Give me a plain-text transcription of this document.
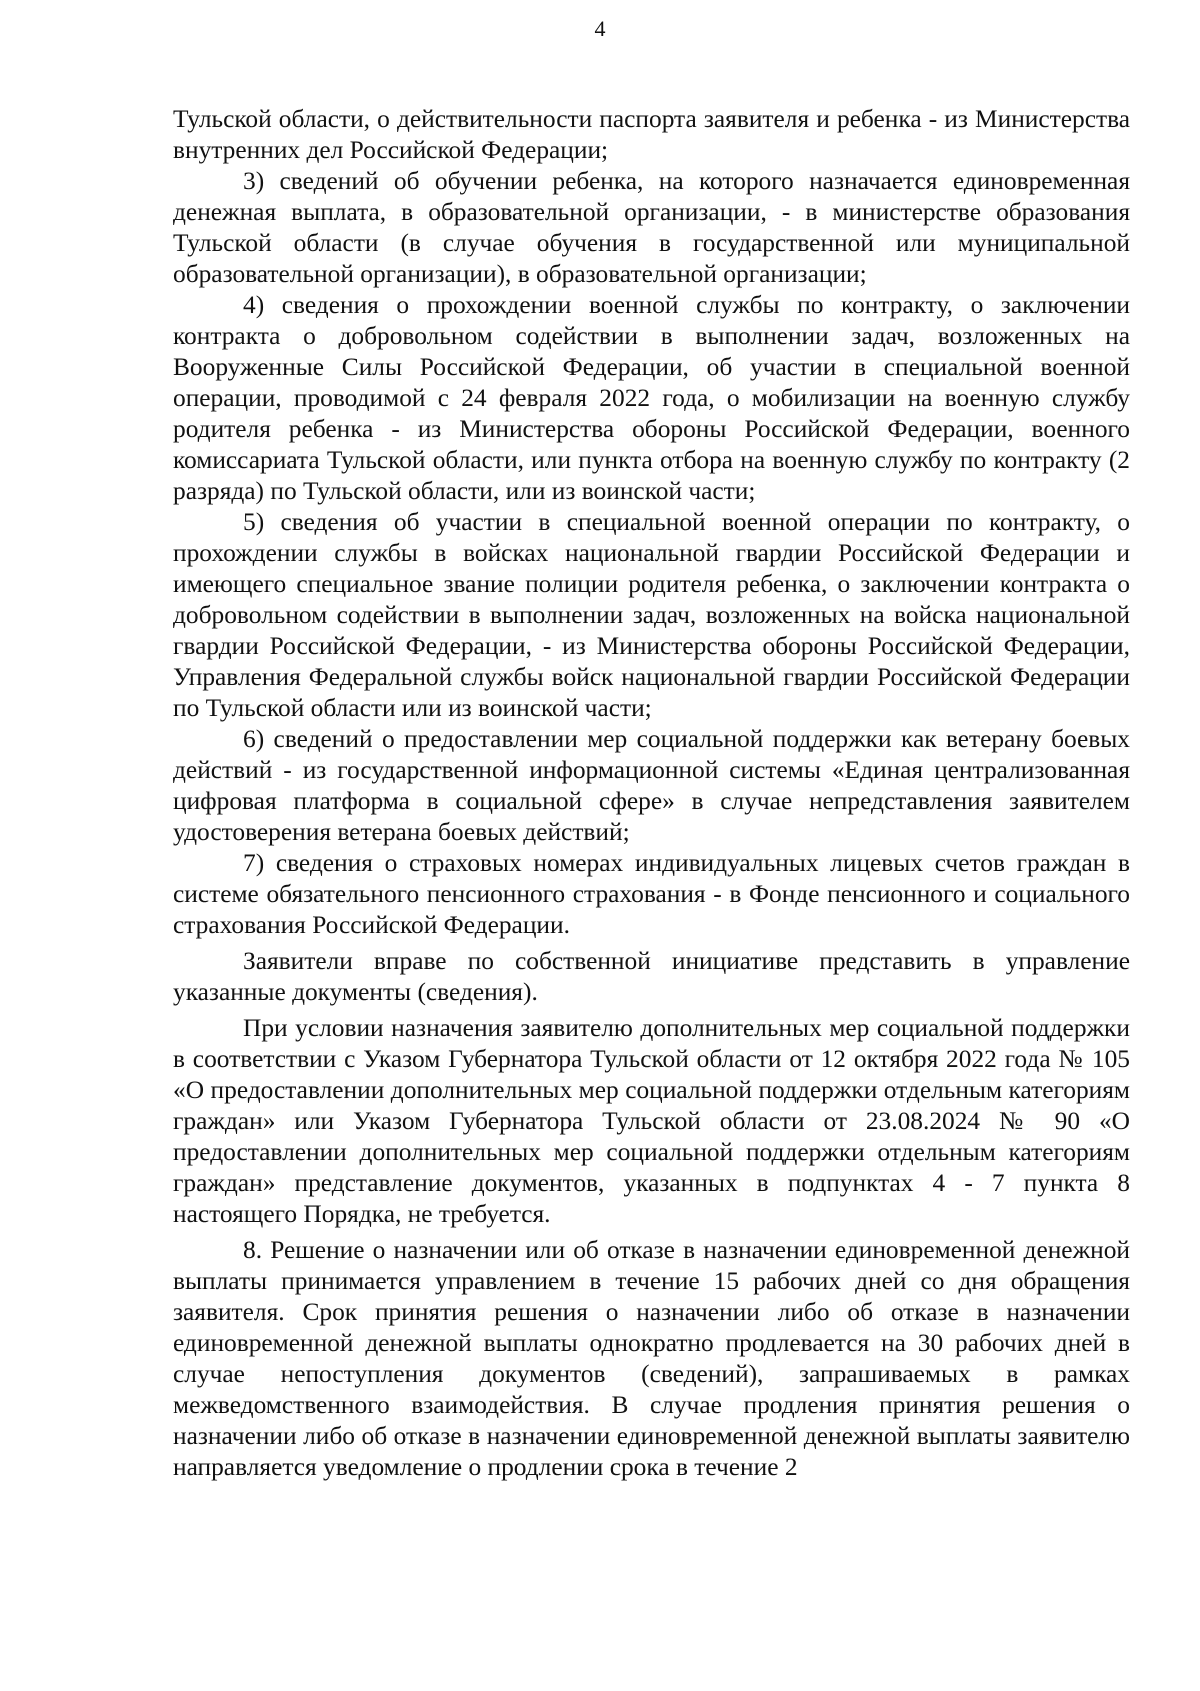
4

Тульской области, о действительности паспорта заявителя и ребенка - из Министерства внутренних дел Российской Федерации;

3) сведений об обучении ребенка, на которого назначается единовременная денежная выплата, в образовательной организации, - в министерстве образования Тульской области (в случае обучения в государственной или муниципальной образовательной организации), в образовательной организации;

4) сведения о прохождении военной службы по контракту, о заключении контракта о добровольном содействии в выполнении задач, возложенных на Вооруженные Силы Российской Федерации, об участии в специальной военной операции, проводимой с 24 февраля 2022 года, о мобилизации на военную службу родителя ребенка - из Министерства обороны Российской Федерации, военного комиссариата Тульской области, или пункта отбора на военную службу по контракту (2 разряда) по Тульской области, или из воинской части;

5) сведения об участии в специальной военной операции по контракту, о прохождении службы в войсках национальной гвардии Российской Федерации и имеющего специальное звание полиции родителя ребенка, о заключении контракта о добровольном содействии в выполнении задач, возложенных на войска национальной гвардии Российской Федерации, - из Министерства обороны Российской Федерации, Управления Федеральной службы войск национальной гвардии Российской Федерации по Тульской области или из воинской части;

6) сведений о предоставлении мер социальной поддержки как ветерану боевых действий - из государственной информационной системы «Единая централизованная цифровая платформа в социальной сфере» в случае непредставления заявителем удостоверения ветерана боевых действий;

7) сведения о страховых номерах индивидуальных лицевых счетов граждан в системе обязательного пенсионного страхования - в Фонде пенсионного и социального страхования Российской Федерации.

Заявители вправе по собственной инициативе представить в управление указанные документы (сведения).

При условии назначения заявителю дополнительных мер социальной поддержки в соответствии с Указом Губернатора Тульской области от 12 октября 2022 года № 105 «О предоставлении дополнительных мер социальной поддержки отдельным категориям граждан» или Указом Губернатора Тульской области от 23.08.2024 № 90 «О предоставлении дополнительных мер социальной поддержки отдельным категориям граждан» представление документов, указанных в подпунктах 4 - 7 пункта 8 настоящего Порядка, не требуется.

8. Решение о назначении или об отказе в назначении единовременной денежной выплаты принимается управлением в течение 15 рабочих дней со дня обращения заявителя. Срок принятия решения о назначении либо об отказе в назначении единовременной денежной выплаты однократно продлевается на 30 рабочих дней в случае непоступления документов (сведений), запрашиваемых в рамках межведомственного взаимодействия. В случае продления принятия решения о назначении либо об отказе в назначении единовременной денежной выплаты заявителю направляется уведомление о продлении срока в течение 2
